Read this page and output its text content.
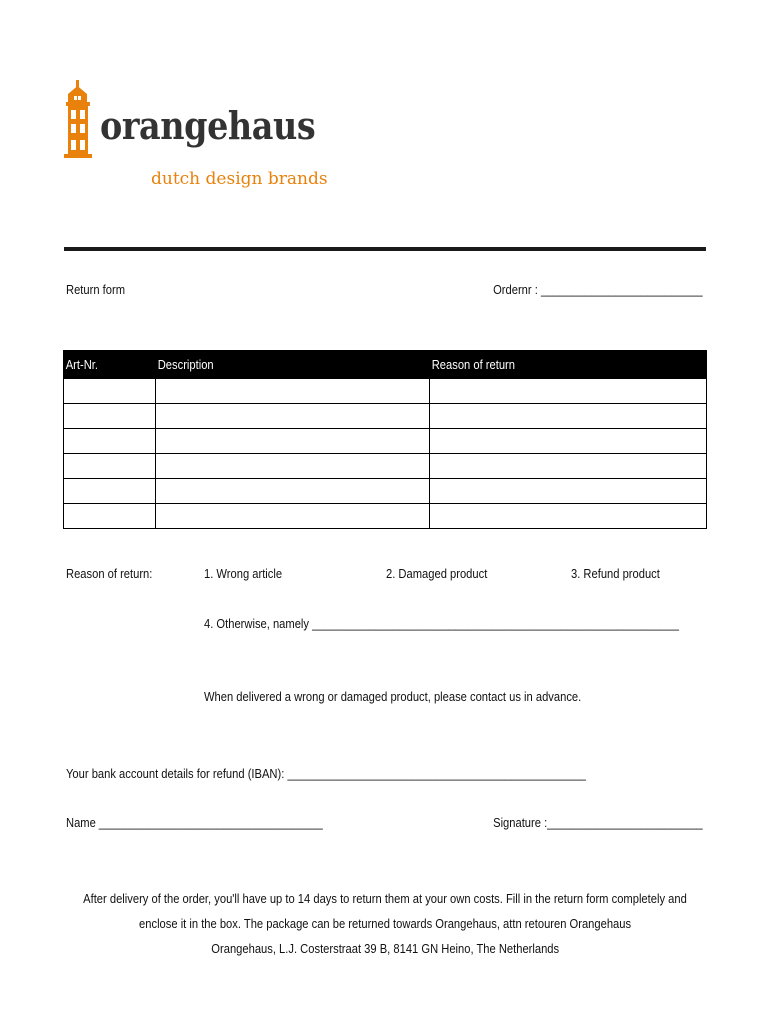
orangehaus
dutch design brands
Return form	Ordernr : __________________________
Art-Nr.	Description	Reason of return

Reason of return:	1. Wrong article	2. Damaged product	3. Refund product
4. Otherwise, namely ___________________________________________________________
When delivered a wrong or damaged product, please contact us in advance.
Your bank account details for refund (IBAN): ________________________________________________
Name ____________________________________	Signature :_________________________
After delivery of the order, you'll have up to 14 days to return them at your own costs. Fill in the return form completely and
enclose it in the box. The package can be returned towards Orangehaus, attn retouren Orangehaus
Orangehaus, L.J. Costerstraat 39 B, 8141 GN Heino, The Netherlands
